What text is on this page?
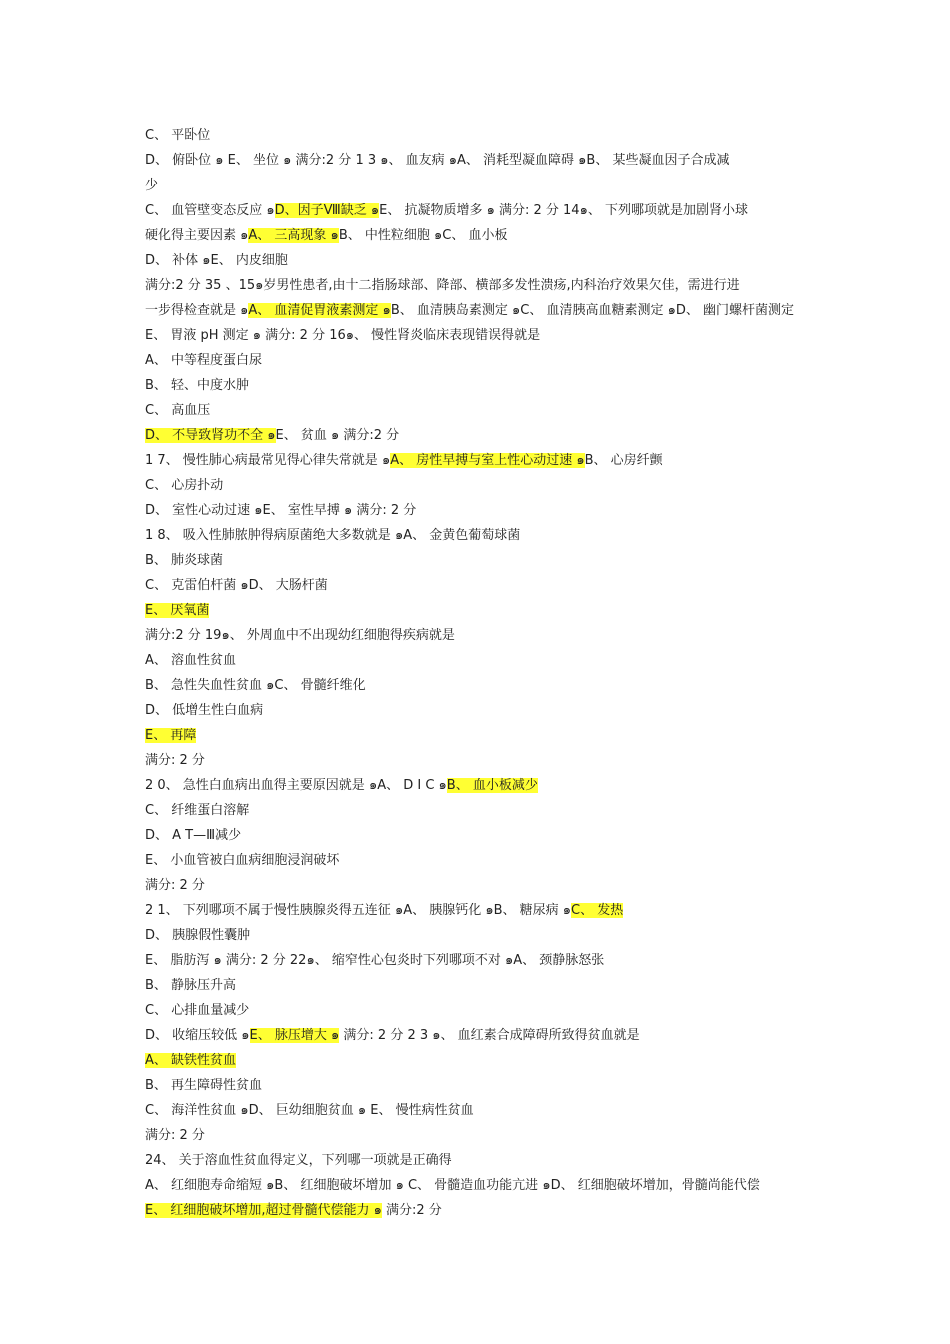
C、 平卧位
D、 俯卧位 ๑ E、 坐位 ๑ 满分:2 分 1 3 ๑、 血友病 ๑A、 消耗型凝血障碍 ๑B、 某些凝血因子合成减
少
C、 血管壁变态反应 ๑D、因子Ⅷ缺乏 ๑E、 抗凝物质增多 ๑ 满分: 2 分 14๑、 下列哪项就是加剧肾小球
硬化得主要因素 ๑A、 三高现象 ๑B、 中性粒细胞 ๑C、 血小板
D、 补体 ๑E、 内皮细胞
满分:2 分 35 、15๑岁男性患者,由十二指肠球部、降部、横部多发性溃疡,内科治疗效果欠佳，需进行进
一步得检查就是 ๑A、 血清促胃液素测定 ๑B、 血清胰岛素测定 ๑C、 血清胰高血糖素测定 ๑D、 幽门螺杆菌测定
E、 胃液 pH 测定 ๑ 满分: 2 分 16๑、 慢性肾炎临床表现错误得就是
A、 中等程度蛋白尿
B、 轻、中度水肿
C、 高血压
D、 不导致肾功不全 ๑E、 贫血 ๑ 满分:2 分
1 7、 慢性肺心病最常见得心律失常就是 ๑A、 房性早搏与室上性心动过速 ๑B、 心房纤颤
C、 心房扑动
D、 室性心动过速 ๑E、 室性早搏 ๑ 满分: 2 分
1 8、 吸入性肺脓肿得病原菌绝大多数就是 ๑A、 金黄色葡萄球菌
B、 肺炎球菌
C、 克雷伯杆菌 ๑D、 大肠杆菌
E、 厌氧菌
满分:2 分 19๑、 外周血中不出现幼红细胞得疾病就是
A、 溶血性贫血
B、 急性失血性贫血 ๑C、 骨髓纤维化
D、 低增生性白血病
E、 再障
满分: 2 分
2 0、 急性白血病出血得主要原因就是 ๑A、 D I C ๑B、 血小板减少
C、 纤维蛋白溶解
D、 A T—Ⅲ减少
E、 小血管被白血病细胞浸润破坏
满分: 2 分
2 1、 下列哪项不属于慢性胰腺炎得五连征 ๑A、 胰腺钙化 ๑B、 糖尿病 ๑C、 发热
D、 胰腺假性囊肿
E、 脂肪泻 ๑ 满分: 2 分 22๑、 缩窄性心包炎时下列哪项不对 ๑A、 颈静脉怒张
B、 静脉压升高
C、 心排血量减少
D、 收缩压较低 ๑E、 脉压增大 ๑ 满分: 2 分 2 3 ๑、 血红素合成障碍所致得贫血就是
A、 缺铁性贫血
B、 再生障碍性贫血
C、 海洋性贫血 ๑D、 巨幼细胞贫血 ๑ E、 慢性病性贫血
满分: 2 分
24、 关于溶血性贫血得定义，下列哪一项就是正确得
A、 红细胞寿命缩短 ๑B、 红细胞破坏增加 ๑ C、 骨髓造血功能亢进 ๑D、 红细胞破坏增加，骨髓尚能代偿
E、 红细胞破坏增加,超过骨髓代偿能力 ๑ 满分:2 分
